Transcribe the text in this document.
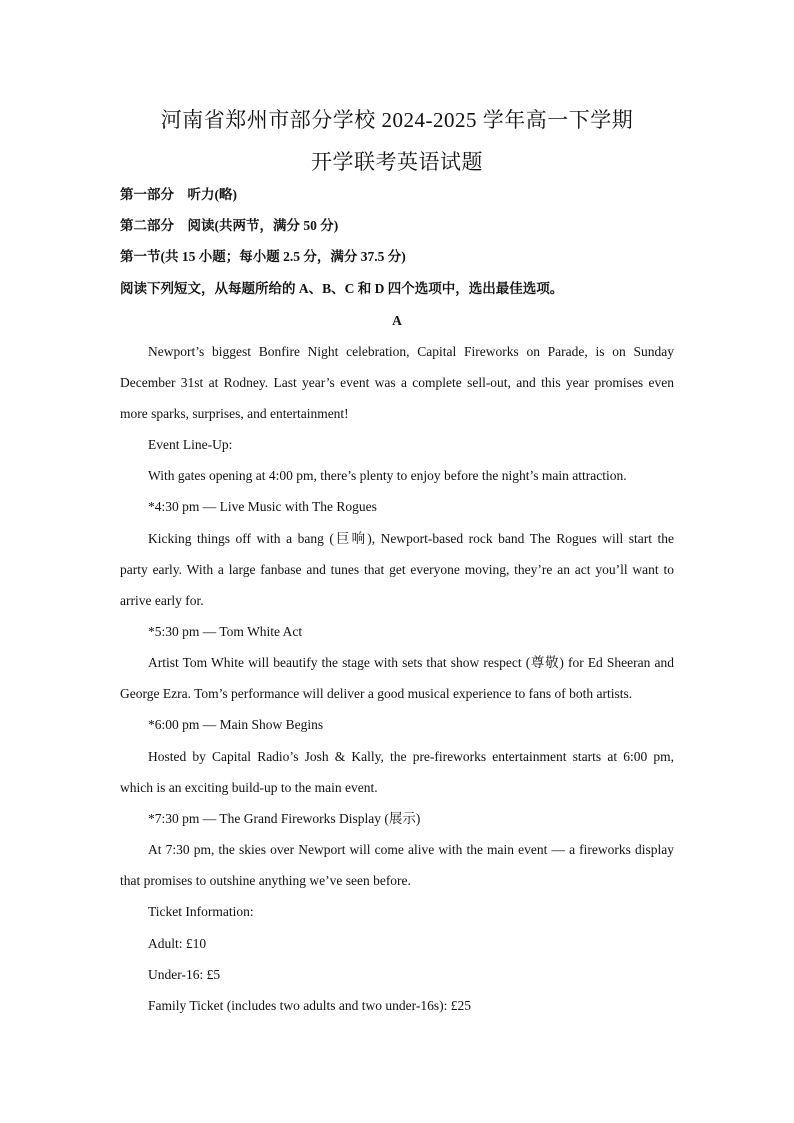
河南省郑州市部分学校 2024-2025 学年高一下学期
开学联考英语试题
第一部分　听力(略)
第二部分　阅读(共两节，满分 50 分)
第一节(共 15 小题；每小题 2.5 分，满分 37.5 分)
阅读下列短文，从每题所给的 A、B、C 和 D 四个选项中，选出最佳选项。
A
Newport’s biggest Bonfire Night celebration, Capital Fireworks on Parade, is on Sunday
December 31st at Rodney. Last year’s event was a complete sell-out, and this year promises even
more sparks, surprises, and entertainment!
Event Line-Up:
With gates opening at 4:00 pm, there’s plenty to enjoy before the night’s main attraction.
*4:30 pm — Live Music with The Rogues
Kicking things off with a bang (巨响), Newport-based rock band The Rogues will start the
party early. With a large fanbase and tunes that get everyone moving, they’re an act you’ll want to
arrive early for.
*5:30 pm — Tom White Act
Artist Tom White will beautify the stage with sets that show respect (尊敬) for Ed Sheeran and
George Ezra. Tom’s performance will deliver a good musical experience to fans of both artists.
*6:00 pm — Main Show Begins
Hosted by Capital Radio’s Josh & Kally, the pre-fireworks entertainment starts at 6:00 pm,
which is an exciting build-up to the main event.
*7:30 pm — The Grand Fireworks Display (展示)
At 7:30 pm, the skies over Newport will come alive with the main event — a fireworks display
that promises to outshine anything we’ve seen before.
Ticket Information:
Adult: £10
Under-16: £5
Family Ticket (includes two adults and two under-16s): £25
